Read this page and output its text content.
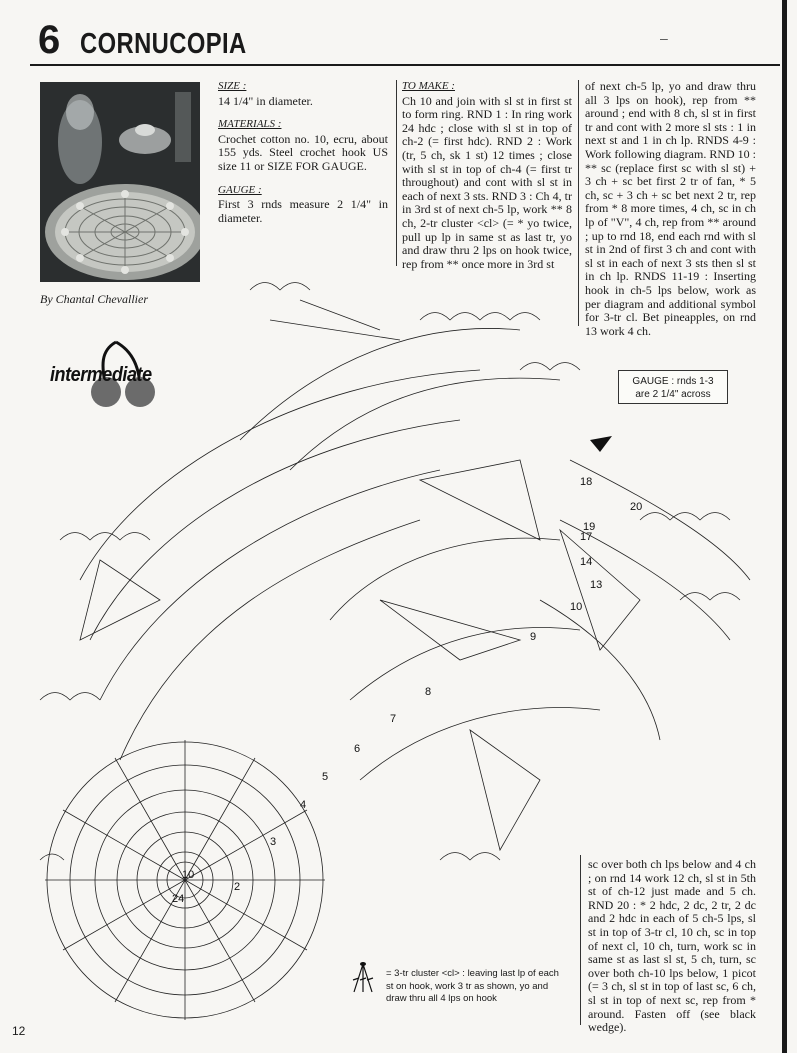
6 CORNUCOPIA	–
By Chantal Chevallier
intermediate

SIZE :

14 1/4" in diameter.

MATERIALS :

Crochet cotton no. 10, ecru, about 155 yds. Steel crochet hook US size 11 or SIZE FOR GAUGE.

GAUGE :

First 3 rnds measure 2 1/4" in diameter.

TO MAKE :

Ch 10 and join with sl st in first st to form ring. RND 1 : In ring work 24 hdc ; close with sl st in top of ch-2 (= first hdc). RND 2 : Work (tr, 5 ch, sk 1 st) 12 times ; close with sl st in top of ch-4 (= first tr throughout) and cont with sl st in each of next 3 sts. RND 3 : Ch 4, tr in 3rd st of next ch-5 lp, work ** 8 ch, 2-tr cluster <cl> (= * yo twice, pull up lp in same st as last tr, yo and draw thru 2 lps on hook twice, rep from ** once more in 3rd st

of next ch-5 lp, yo and draw thru all 3 lps on hook), rep from ** around ; end with 8 ch, sl st in first tr and cont with 2 more sl sts : 1 in next st and 1 in ch lp. RNDS 4-9 : Work following diagram. RND 10 : ** sc (replace first sc with sl st) + 3 ch + sc bet first 2 tr of fan, * 5 ch, sc + 3 ch + sc bet next 2 tr, rep from * 8 more times, 4 ch, sc in ch lp of "V", 4 ch, rep from ** around ; up to rnd 18, end each rnd with sl st in 2nd of first 3 ch and cont with sl st in each of next 3 sts then sl st in ch lp. RNDS 11-19 : Inserting hook in ch-5 lps below, work as per diagram and additional symbol for 3-tr cl. Bet pineapples, on rnd 13 work 4 ch.

GAUGE : rnds 1-3
are 2 1/4" across
10
24
2
3
4
5
6
7
8
9
10
13
14
17
18
19
20

sc over both ch lps below and 4 ch ; on rnd 14 work 12 ch, sl st in 5th st of ch-12 just made and 5 ch. RND 20 : * 2 hdc, 2 dc, 2 tr, 2 dc and 2 hdc in each of 5 ch-5 lps, sl st in top of 3-tr cl, 10 ch, sc in top of next cl, 10 ch, turn, work sc in same st as last sl st, 5 ch, turn, sc over both ch-10 lps below, 1 picot (= 3 ch, sl st in top of last sc, 6 ch, sl st in top of next sc, rep from * around. Fasten off (see black wedge).

= 3-tr cluster <cl> : leaving last lp of each st on hook, work 3 tr as shown, yo and draw thru all 4 lps on hook
12
